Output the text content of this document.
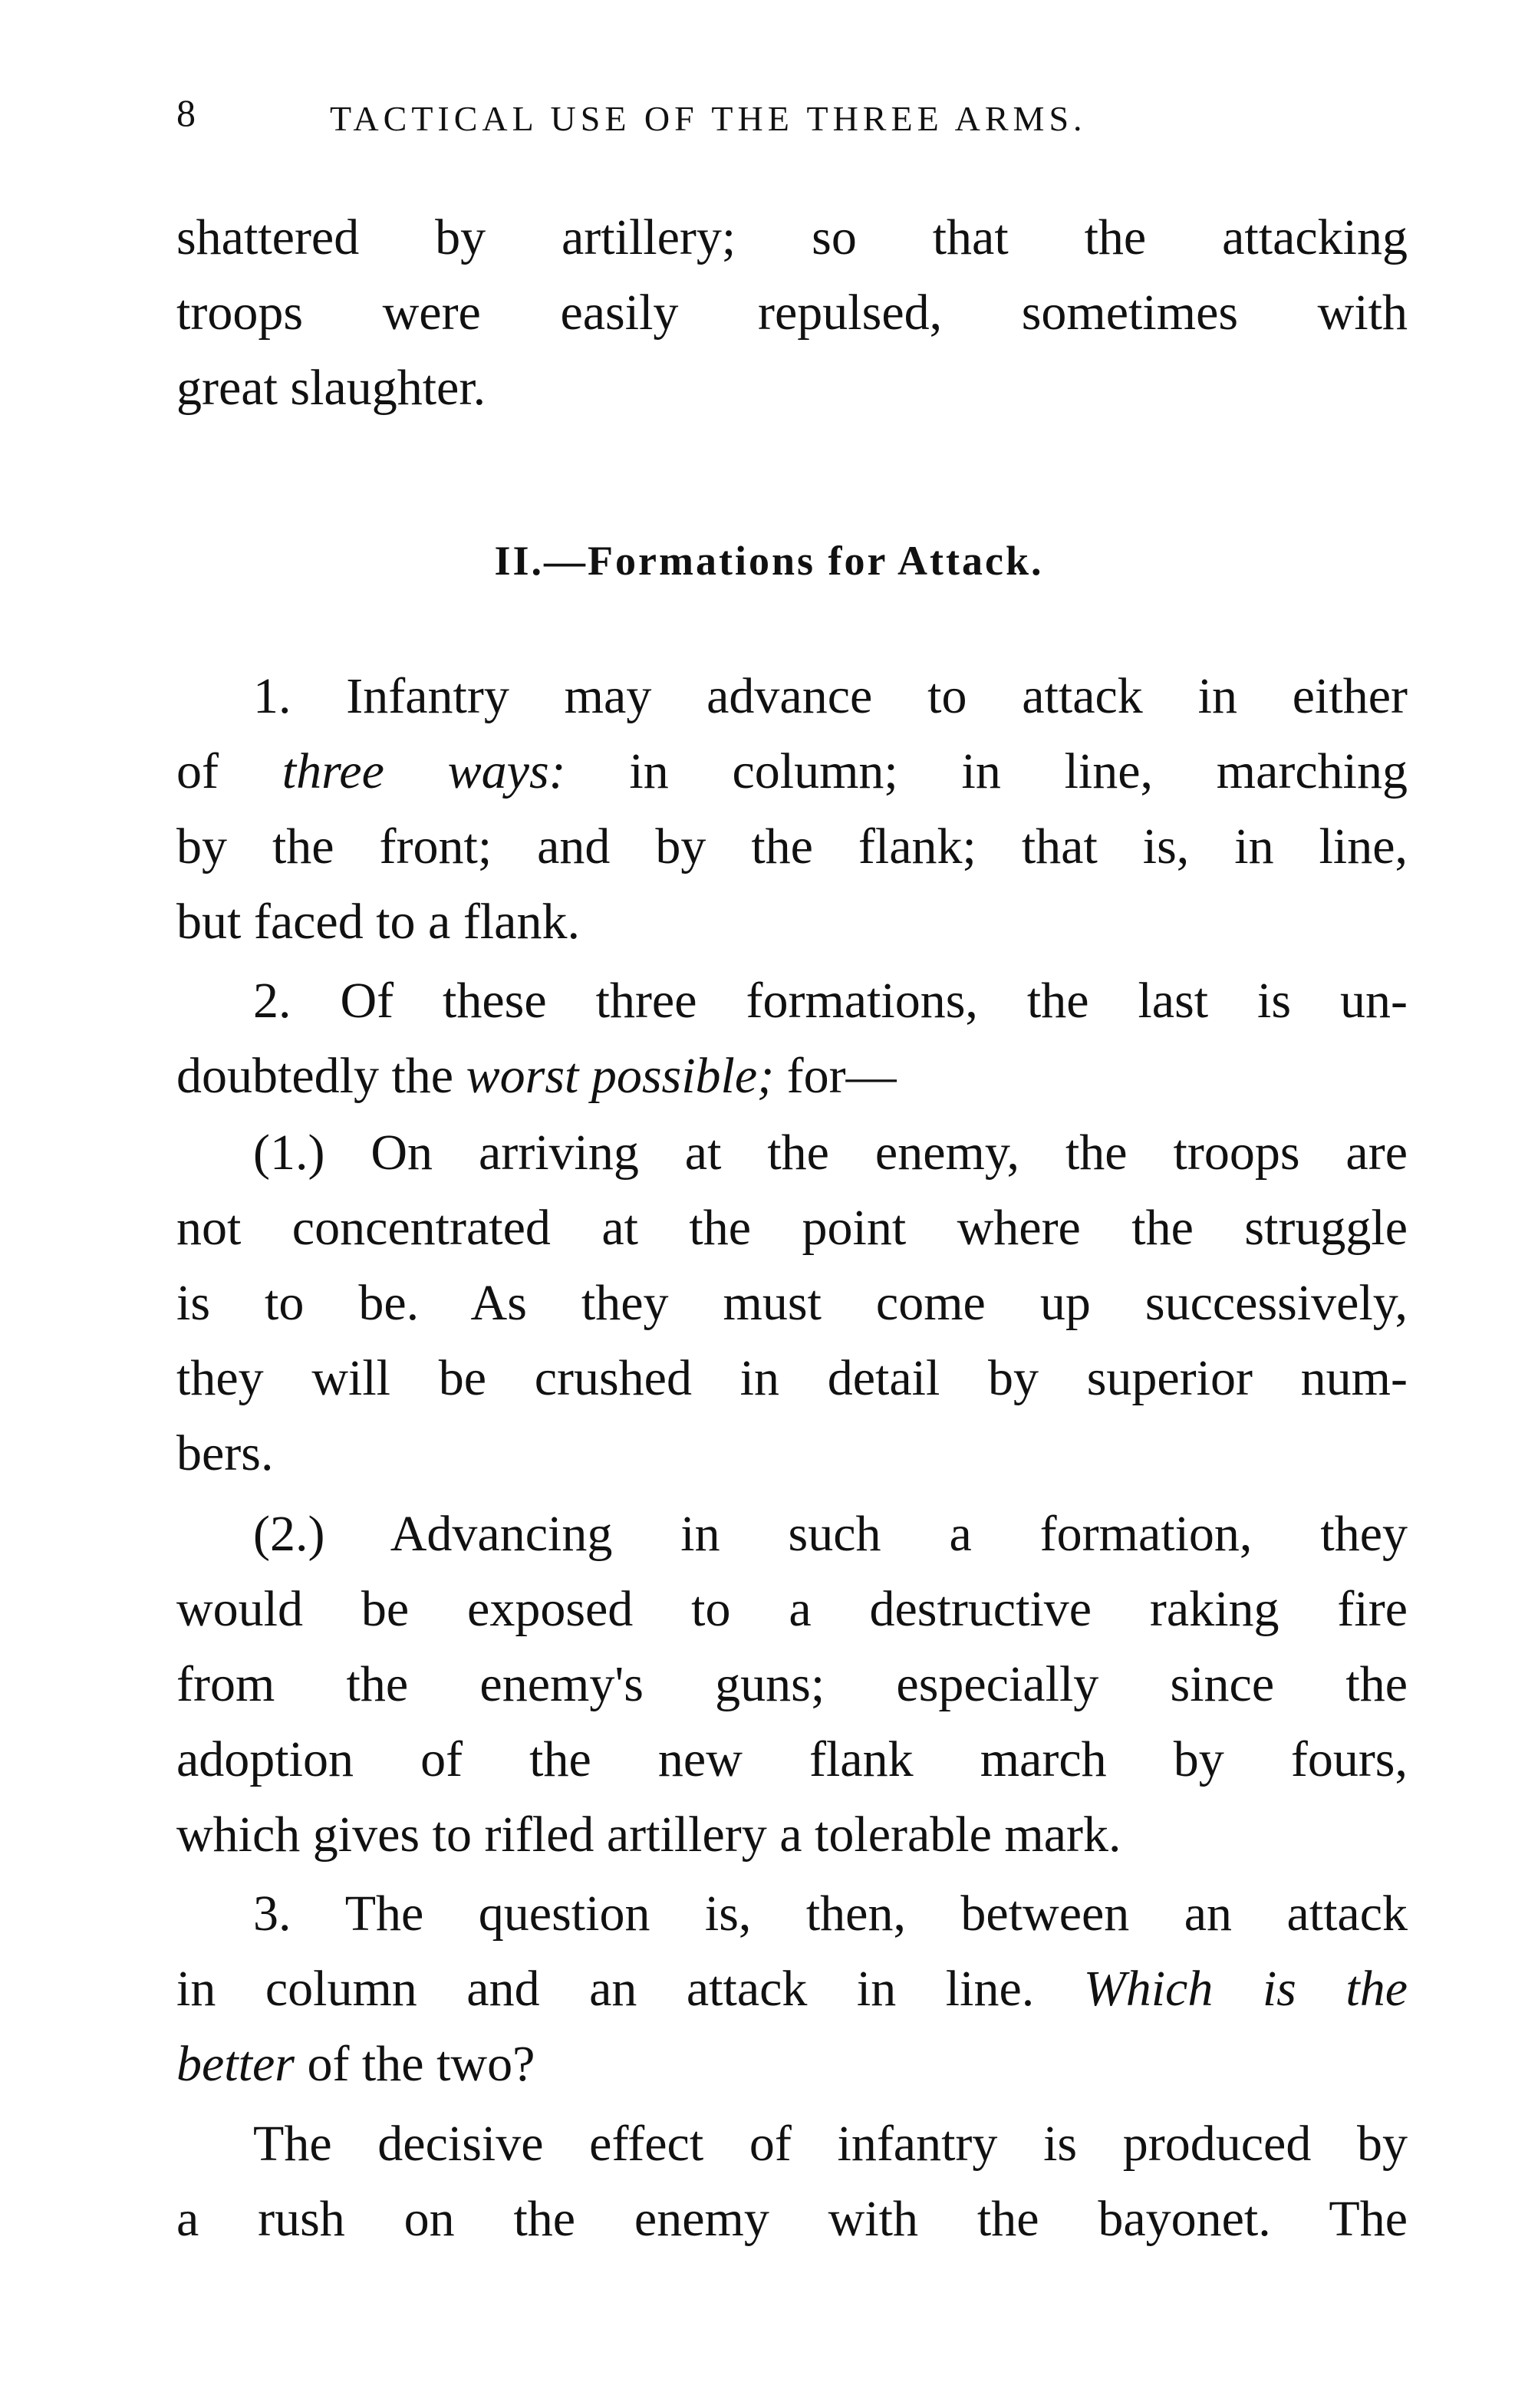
8	TACTICAL USE OF THE THREE ARMS.
shattered by artillery; so that the attacking
troops were easily repulsed, sometimes with
great slaughter.
II.—Formations for Attack.
1. Infantry may advance to attack in either
of three ways: in column; in line, marching
by the front; and by the flank; that is, in line,
but faced to a flank.
2. Of these three formations, the last is un-
doubtedly the worst possible; for—
(1.) On arriving at the enemy, the troops are
not concentrated at the point where the struggle
is to be. As they must come up successively,
they will be crushed in detail by superior num-
bers.
(2.) Advancing in such a formation, they
would be exposed to a destructive raking fire
from the enemy's guns; especially since the
adoption of the new flank march by fours,
which gives to rifled artillery a tolerable mark.
3. The question is, then, between an attack
in column and an attack in line. Which is the
better of the two?
The decisive effect of infantry is produced by
a rush on the enemy with the bayonet. The
